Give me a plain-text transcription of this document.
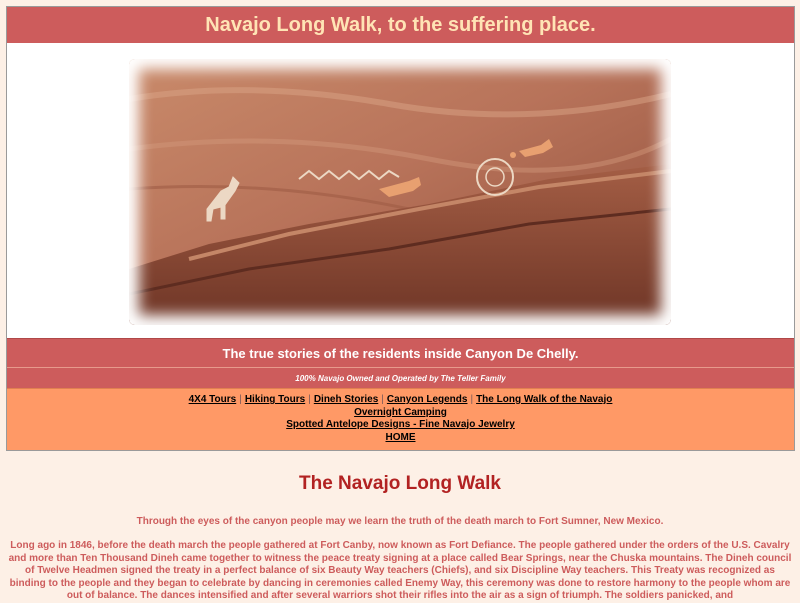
Navajo Long Walk, to the suffering place.
The true stories of the residents inside Canyon De Chelly.
100% Navajo Owned and Operated by The Teller Family
4X4 Tours | Hiking Tours | Dineh Stories | Canyon Legends | The Long Walk of the Navajo
Overnight Camping
Spotted Antelope Designs - Fine Navajo Jewelry
HOME
The Navajo Long Walk
Through the eyes of the canyon people may we learn the truth of the death march to Fort Sumner, New Mexico.
Long ago in 1846, before the death march the people gathered at Fort Canby, now known as Fort Defiance. The people gathered under the orders of the U.S. Cavalry and more than Ten Thousand Dineh came together to witness the peace treaty signing at a place called Bear Springs, near the Chuska mountains. The Dineh council of Twelve Headmen signed the treaty in a perfect balance of six Beauty Way teachers (Chiefs), and six Discipline Way teachers. This Treaty was recognized as binding to the people and they began to celebrate by dancing in ceremonies called Enemy Way, this ceremony was done to restore harmony to the people whom are out of balance. The dances intensified and after several warriors shot their rifles into the air as a sign of triumph. The soldiers panicked, and
